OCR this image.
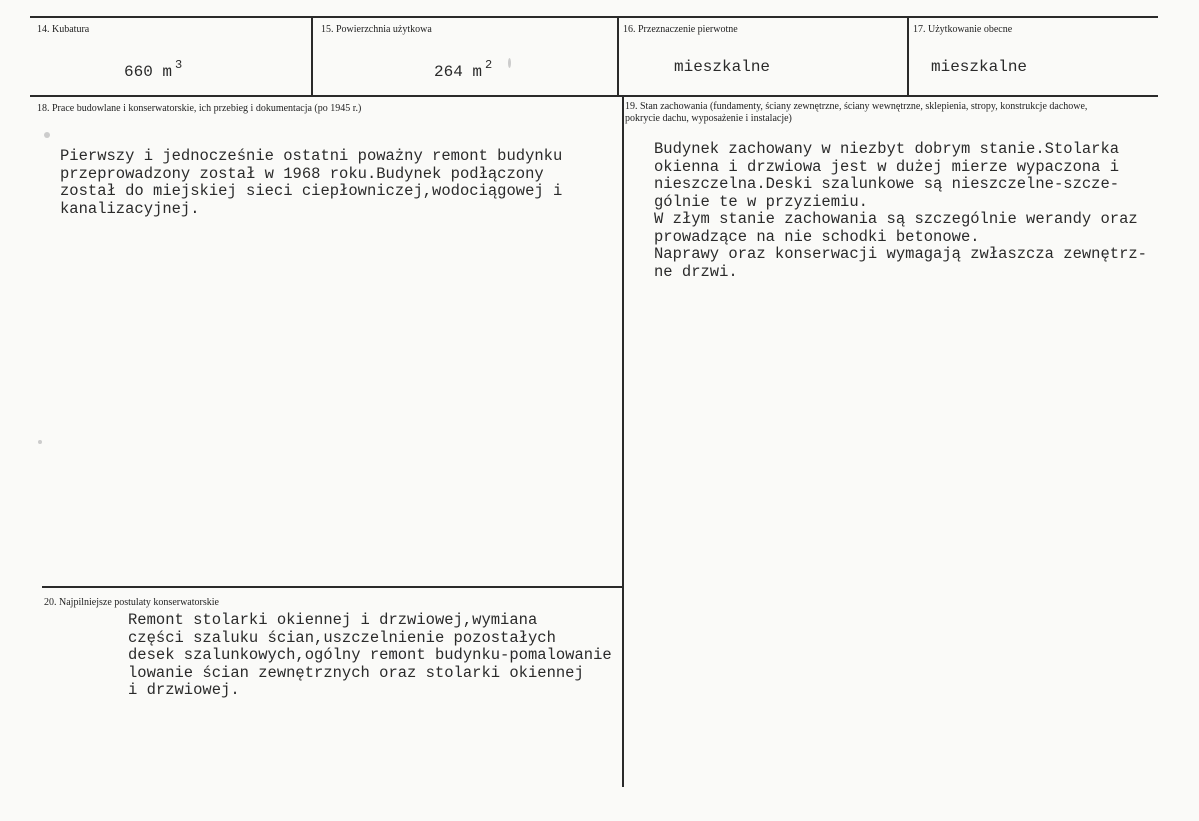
14. Kubatura
660 m $^3$
15. Powierzchnia użytkowa
264 m $^2$
16. Przeznaczenie pierwotne
mieszkalne
17. Użytkowanie obecne
mieszkalne
18. Prace budowlane i konserwatorskie, ich przebieg i dokumentacja (po 1945 r.)
Pierwszy i jednocześnie ostatni poważny remont budynku
przeprowadzony został w 1968 roku.Budynek podłączony
został do miejskiej sieci ciepłowniczej,wodociągowej i
kanalizacyjnej.
19. Stan zachowania (fundamenty, ściany zewnętrzne, ściany wewnętrzne, sklepienia, stropy, konstrukcje dachowe,
pokrycie dachu, wyposażenie i instalacje)
Budynek zachowany w niezbyt dobrym stanie.Stolarka
okienna i drzwiowa jest w dużej mierze wypaczona i
nieszczelna.Deski szalunkowe są nieszczelne-szcze-
gólnie te w przyziemiu.
W złym stanie zachowania są szczególnie werandy oraz
prowadzące na nie schodki betonowe.
Naprawy oraz konserwacji wymagają zwłaszcza zewnętrz-
ne drzwi.
20. Najpilniejsze postulaty konserwatorskie
Remont stolarki okiennej i drzwiowej,wymiana
części szaluku ścian,uszczelnienie pozostałych
desek szalunkowych,ogólny remont budynku-pomalowanie
lowanie ścian zewnętrznych oraz stolarki okiennej
i drzwiowej.
